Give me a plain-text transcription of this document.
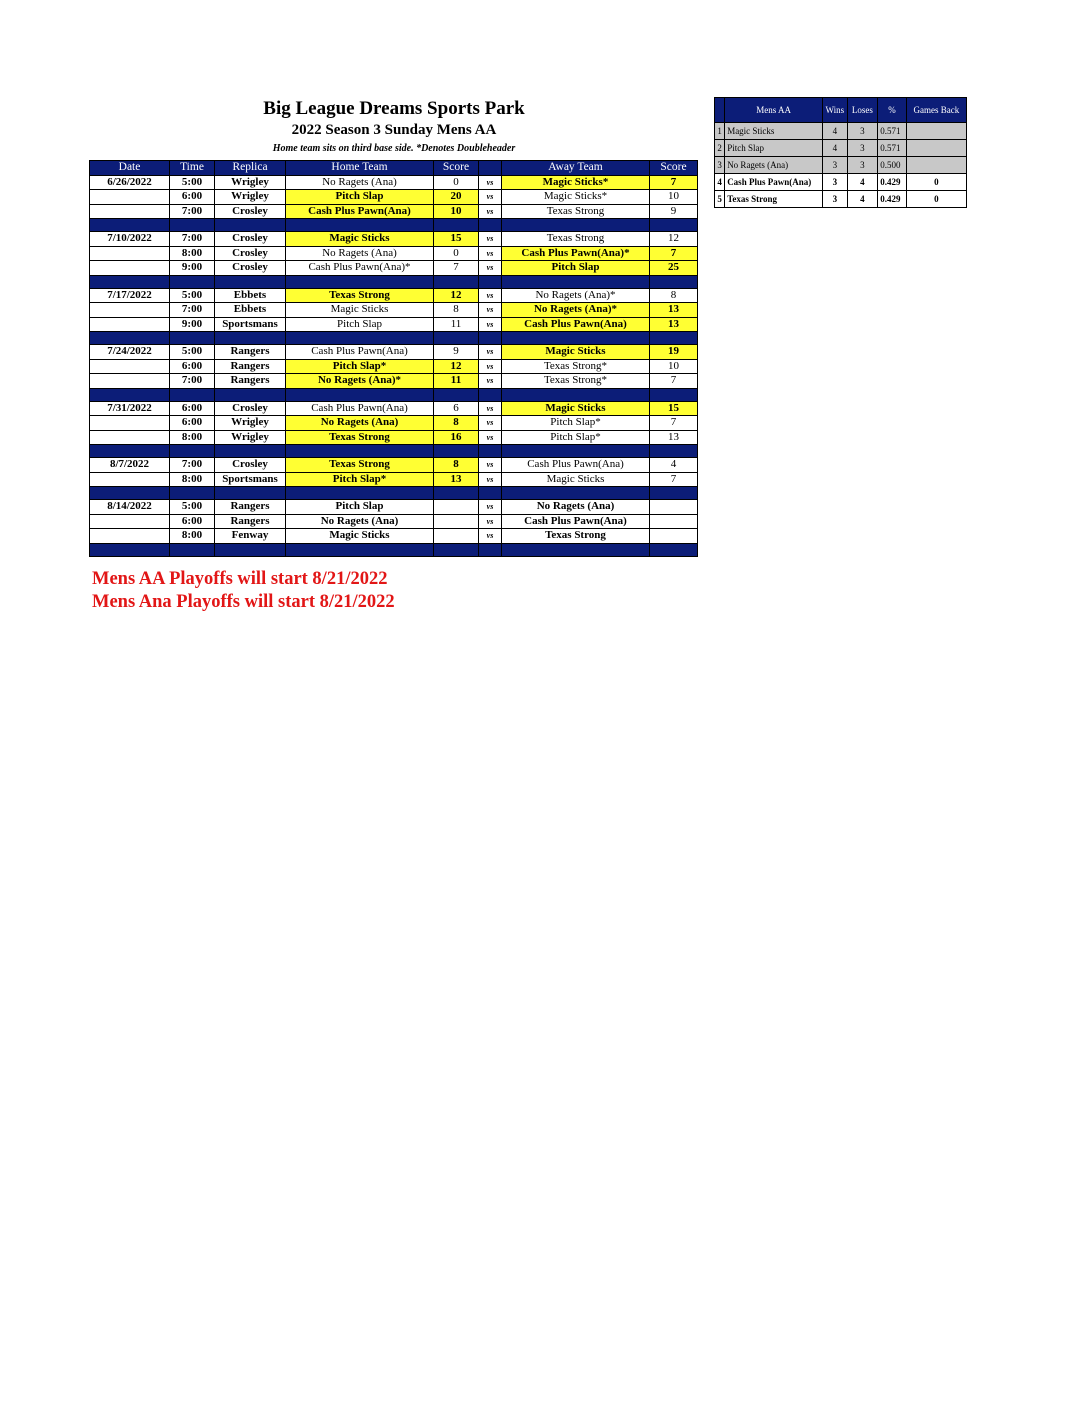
Big League Dreams Sports Park
2022 Season 3 Sunday Mens AA
Home team sits on third base side. *Denotes Doubleheader
Date	Time	Replica	Home Team	Score		Away Team	Score
6/26/2022	5:00	Wrigley	No Ragets (Ana)	0	vs	Magic Sticks*	7
	6:00	Wrigley	Pitch Slap	20	vs	Magic Sticks*	10
	7:00	Crosley	Cash Plus Pawn(Ana)	10	vs	Texas Strong	9

7/10/2022	7:00	Crosley	Magic Sticks	15	vs	Texas Strong	12
	8:00	Crosley	No Ragets (Ana)	0	vs	Cash Plus Pawn(Ana)*	7
	9:00	Crosley	Cash Plus Pawn(Ana)*	7	vs	Pitch Slap	25

7/17/2022	5:00	Ebbets	Texas Strong	12	vs	No Ragets (Ana)*	8
	7:00	Ebbets	Magic Sticks	8	vs	No Ragets (Ana)*	13
	9:00	Sportsmans	Pitch Slap	11	vs	Cash Plus Pawn(Ana)	13

7/24/2022	5:00	Rangers	Cash Plus Pawn(Ana)	9	vs	Magic Sticks	19
	6:00	Rangers	Pitch Slap*	12	vs	Texas Strong*	10
	7:00	Rangers	No Ragets (Ana)*	11	vs	Texas Strong*	7

7/31/2022	6:00	Crosley	Cash Plus Pawn(Ana)	6	vs	Magic Sticks	15
	6:00	Wrigley	No Ragets (Ana)	8	vs	Pitch Slap*	7
	8:00	Wrigley	Texas Strong	16	vs	Pitch Slap*	13

8/7/2022	7:00	Crosley	Texas Strong	8	vs	Cash Plus Pawn(Ana)	4
	8:00	Sportsmans	Pitch Slap*	13	vs	Magic Sticks	7

8/14/2022	5:00	Rangers	Pitch Slap		vs	No Ragets (Ana)	
	6:00	Rangers	No Ragets (Ana)		vs	Cash Plus Pawn(Ana)	
	8:00	Fenway	Magic Sticks		vs	Texas Strong	

	Mens AA	Wins	Loses	%	Games Back
1	Magic Sticks	4	3	0.571	
2	Pitch Slap	4	3	0.571	
3	No Ragets (Ana)	3	3	0.500	
4	Cash Plus Pawn(Ana)	3	4	0.429	0
5	Texas Strong	3	4	0.429	0
Mens AA Playoffs will start 8/21/2022
Mens Ana Playoffs will start 8/21/2022
